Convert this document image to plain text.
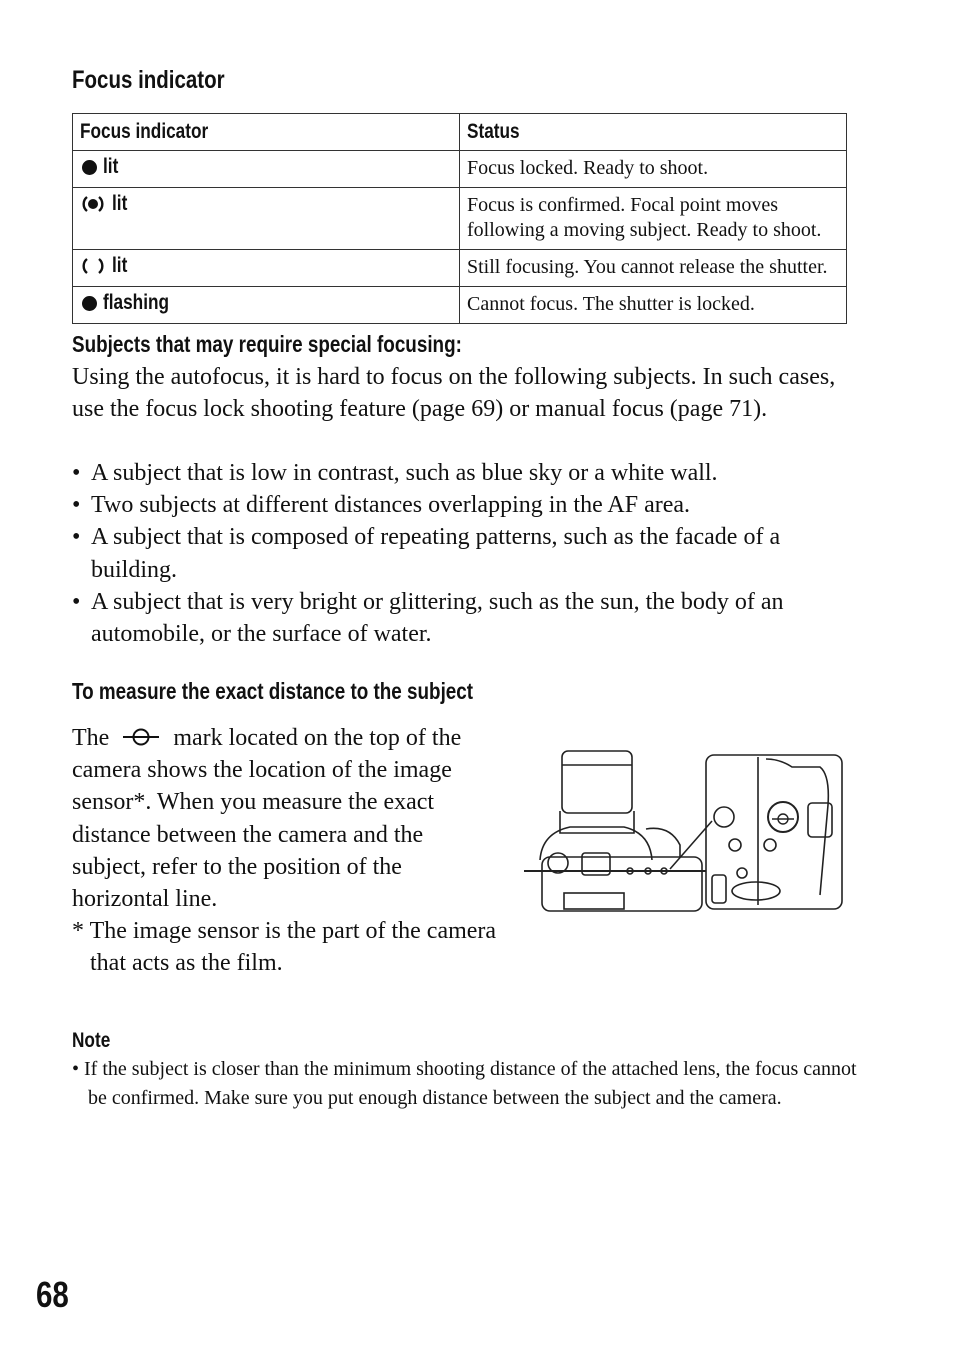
Focus indicator
Focus indicator	Status

lit	Focus locked. Ready to shoot.

lit	Focus is confirmed. Focal point moves following a moving subject. Ready to shoot.

lit	Still focusing. You cannot release the shutter.

flashing	Cannot focus. The shutter is locked.
Subjects that may require special focusing:
Using the autofocus, it is hard to focus on the following subjects. In such cases, use the focus lock shooting feature (page 69) or manual focus (page 71).
• A subject that is low in contrast, such as blue sky or a white wall.
• Two subjects at different distances overlapping in the AF area.
• A subject that is composed of repeating patterns, such as the facade of a building.
• A subject that is very bright or glittering, such as the sun, the body of an automobile, or the surface of water.
To measure the exact distance to the subject
The	mark located on the top of the camera shows the location of the image sensor*. When you measure the exact distance between the camera and the subject, refer to the position of the horizontal line.
* The image sensor is the part of the camera that acts as the film.
Note
• If the subject is closer than the minimum shooting distance of the attached lens, the focus cannot be confirmed. Make sure you put enough distance between the subject and the camera.
68
